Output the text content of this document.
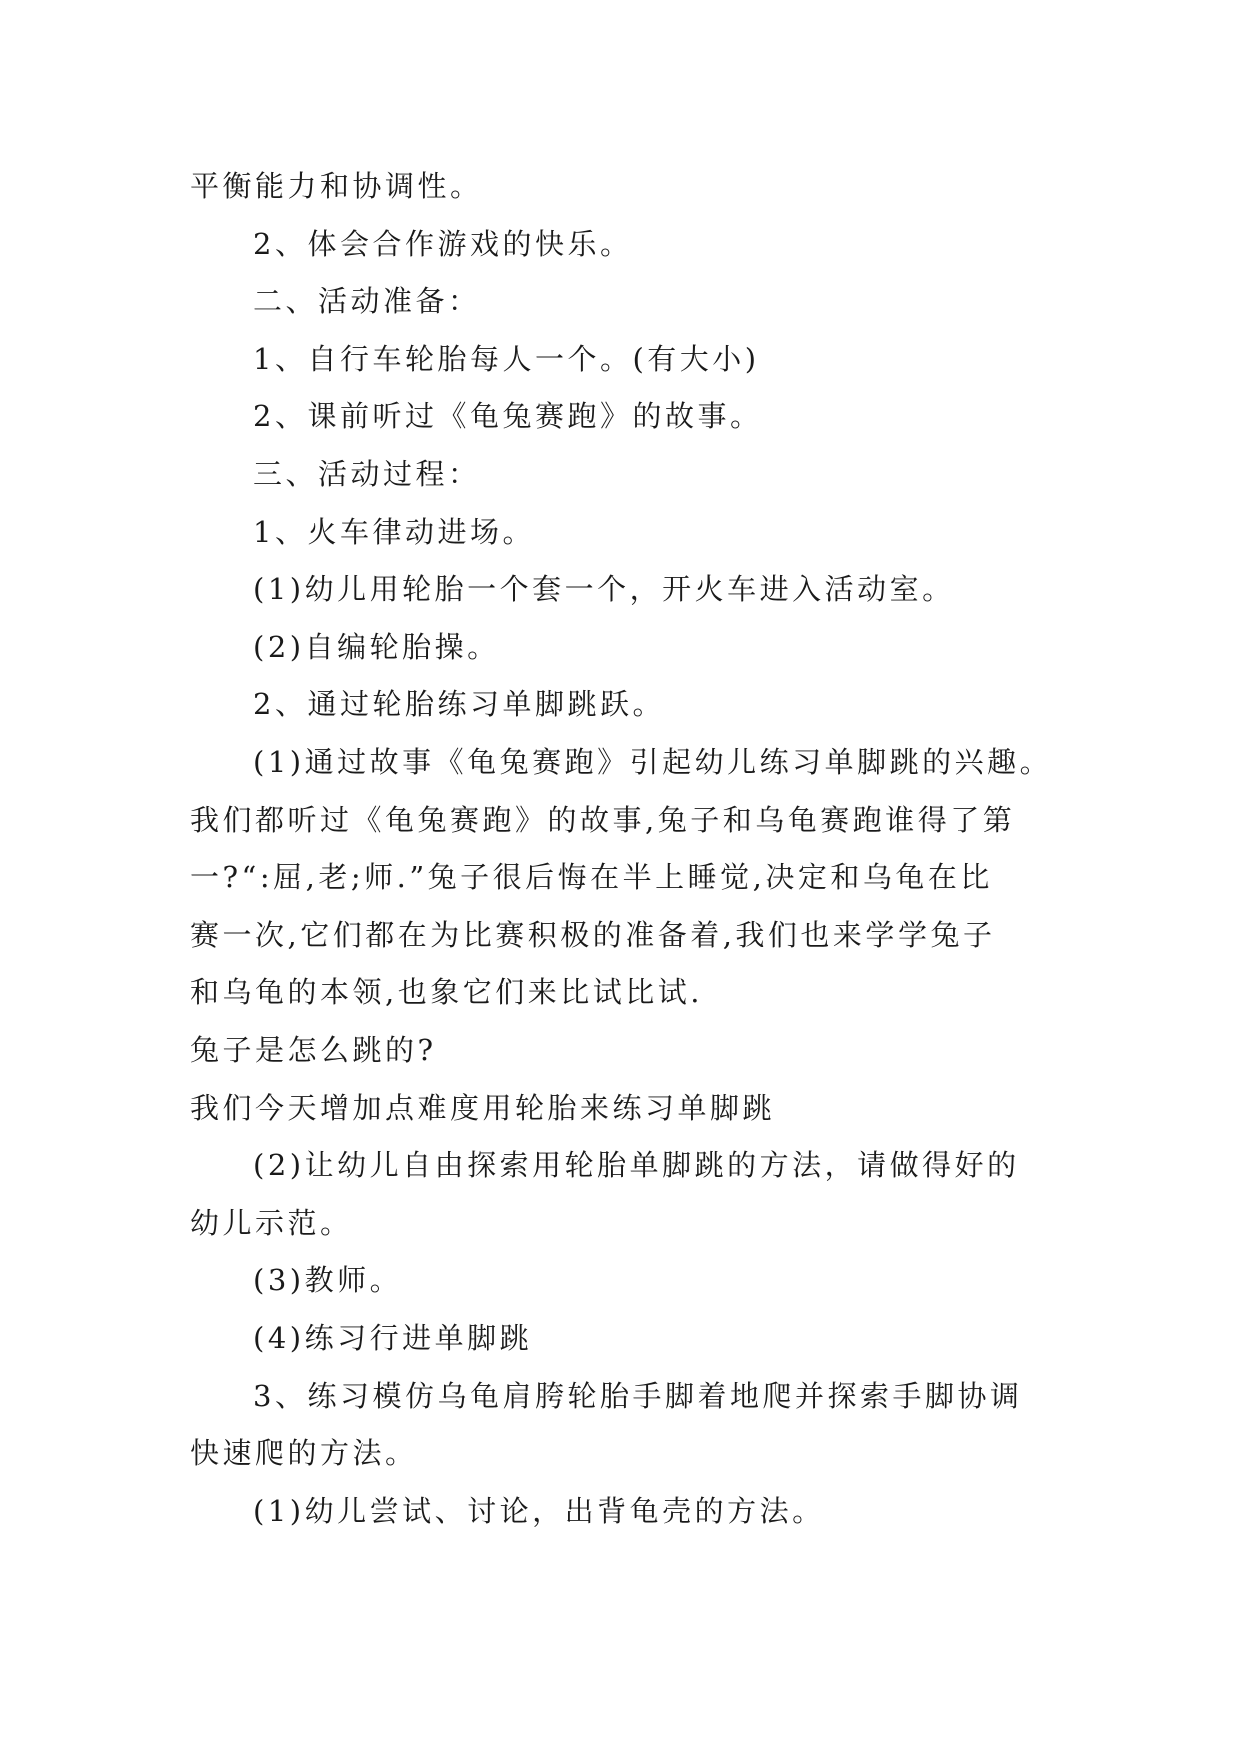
平衡能力和协调性。
2、体会合作游戏的快乐。
二、活动准备：
1、自行车轮胎每人一个。(有大小)
2、课前听过《龟兔赛跑》的故事。
三、活动过程：
1、火车律动进场。
(1)幼儿用轮胎一个套一个，开火车进入活动室。
(2)自编轮胎操。
2、通过轮胎练习单脚跳跃。
(1)通过故事《龟兔赛跑》引起幼儿练习单脚跳的兴趣。
我们都听过《龟兔赛跑》的故事,兔子和乌龟赛跑谁得了第
一?“:屈,老;师.”兔子很后悔在半上睡觉,决定和乌龟在比
赛一次,它们都在为比赛积极的准备着,我们也来学学兔子
和乌龟的本领,也象它们来比试比试.
兔子是怎么跳的?
我们今天增加点难度用轮胎来练习单脚跳
(2)让幼儿自由探索用轮胎单脚跳的方法，请做得好的
幼儿示范。
(3)教师。
(4)练习行进单脚跳
3、练习模仿乌龟肩胯轮胎手脚着地爬并探索手脚协调
快速爬的方法。
(1)幼儿尝试、讨论，出背龟壳的方法。
